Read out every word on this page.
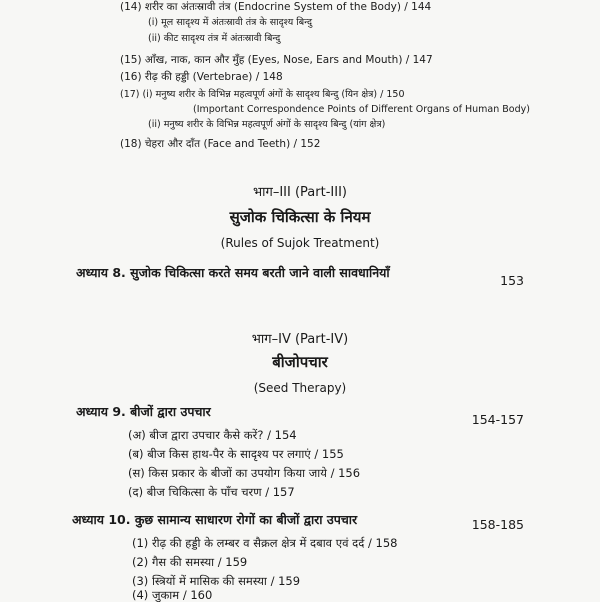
(14) शरीर का अंतःस्रावी तंत्र (Endocrine System of the Body) / 144
(i) मूल सादृश्य में अंतःस्रावी तंत्र के सादृश्य बिन्दु
(ii) कीट सादृश्य तंत्र में अंतःस्रावी बिन्दु
(15) आँख, नाक, कान और मुँह (Eyes, Nose, Ears and Mouth) / 147
(16) रीढ़ की हड्डी (Vertebrae) / 148
(17) (i) मनुष्य शरीर के विभिन्न महत्वपूर्ण अंगों के सादृश्य बिन्दु (यिन क्षेत्र) / 150
(Important Correspondence Points of Different Organs of Human Body)
(ii) मनुष्य शरीर के विभिन्न महत्वपूर्ण अंगों के सादृश्य बिन्दु (यांग क्षेत्र)
(18) चेहरा और दाँत (Face and Teeth) / 152
भाग–III (Part-III)
सुजोक चिकित्सा के नियम
(Rules of Sujok Treatment)
अध्याय 8. सुजोक चिकित्सा करते समय बरती जाने वाली सावधानियाँ
153
भाग–IV (Part-IV)
बीजोपचार
(Seed Therapy)
अध्याय 9. बीजों द्वारा उपचार
154-157
(अ) बीज द्वारा उपचार कैसे करें? / 154
(ब) बीज किस हाथ-पैर के सादृश्य पर लगाएं / 155
(स) किस प्रकार के बीजों का उपयोग किया जाये / 156
(द) बीज चिकित्सा के पाँच चरण / 157
अध्याय 10. कुछ सामान्य साधारण रोगों का बीजों द्वारा उपचार	158-185
(1) रीढ़ की हड्डी के लम्बर व सैक्रल क्षेत्र में दबाव एवं दर्द / 158
(2) गैस की समस्या / 159
(3) स्त्रियों में मासिक की समस्या / 159
(4) जुकाम / 160
